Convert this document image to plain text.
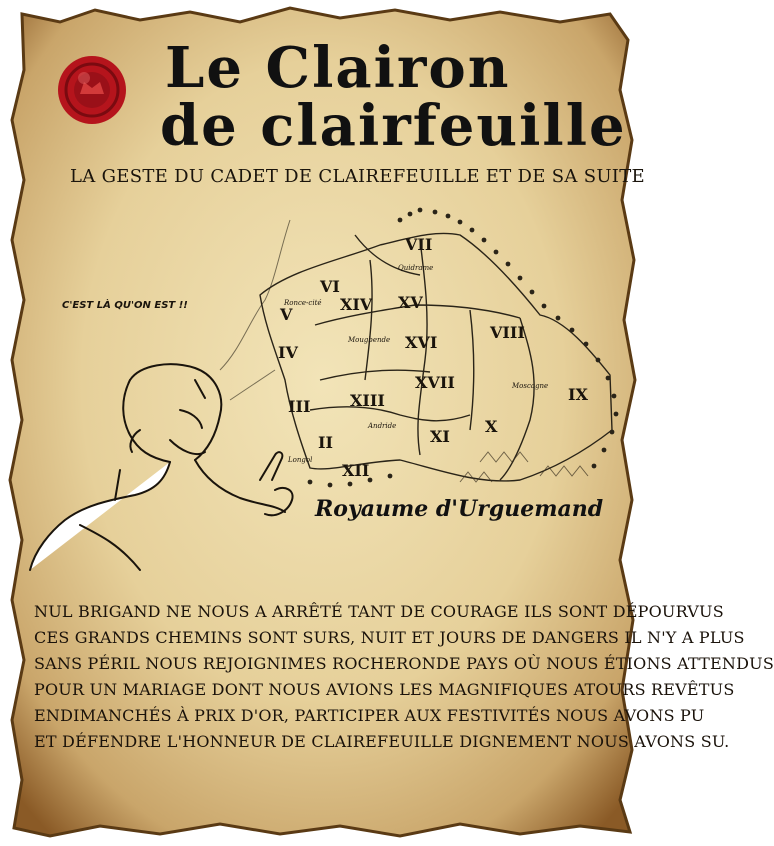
Le Clairon
de clairfeuille
LA GESTE DU CADET DE CLAIREFEUILLE ET DE SA SUITE
VII
VI
V
XIV XV
VIII
XVI
IV
XVII
IX
III XIII
X
XI
II
XII
Quidrame
Ronce-cité
Mougbende
Moscagne
Andride
Longol
Royaume d'Urguemand
C'EST LÀ QU'ON EST !!
NUL BRIGAND NE NOUS A ARRÊTÉ TANT DE COURAGE ILS SONT DÉPOURVUS
CES GRANDS CHEMINS SONT SURS, NUIT ET JOURS DE DANGERS IL N'Y A PLUS
SANS PÉRIL NOUS REJOIGNIMES ROCHERONDE PAYS OÙ NOUS ÉTIONS ATTENDUS
POUR UN MARIAGE DONT NOUS AVIONS LES MAGNIFIQUES ATOURS REVÊTUS
ENDIMANCHÉS À PRIX D'OR, PARTICIPER AUX FESTIVITÉS NOUS AVONS PU
ET DÉFENDRE L'HONNEUR DE CLAIREFEUILLE DIGNEMENT NOUS AVONS SU.
